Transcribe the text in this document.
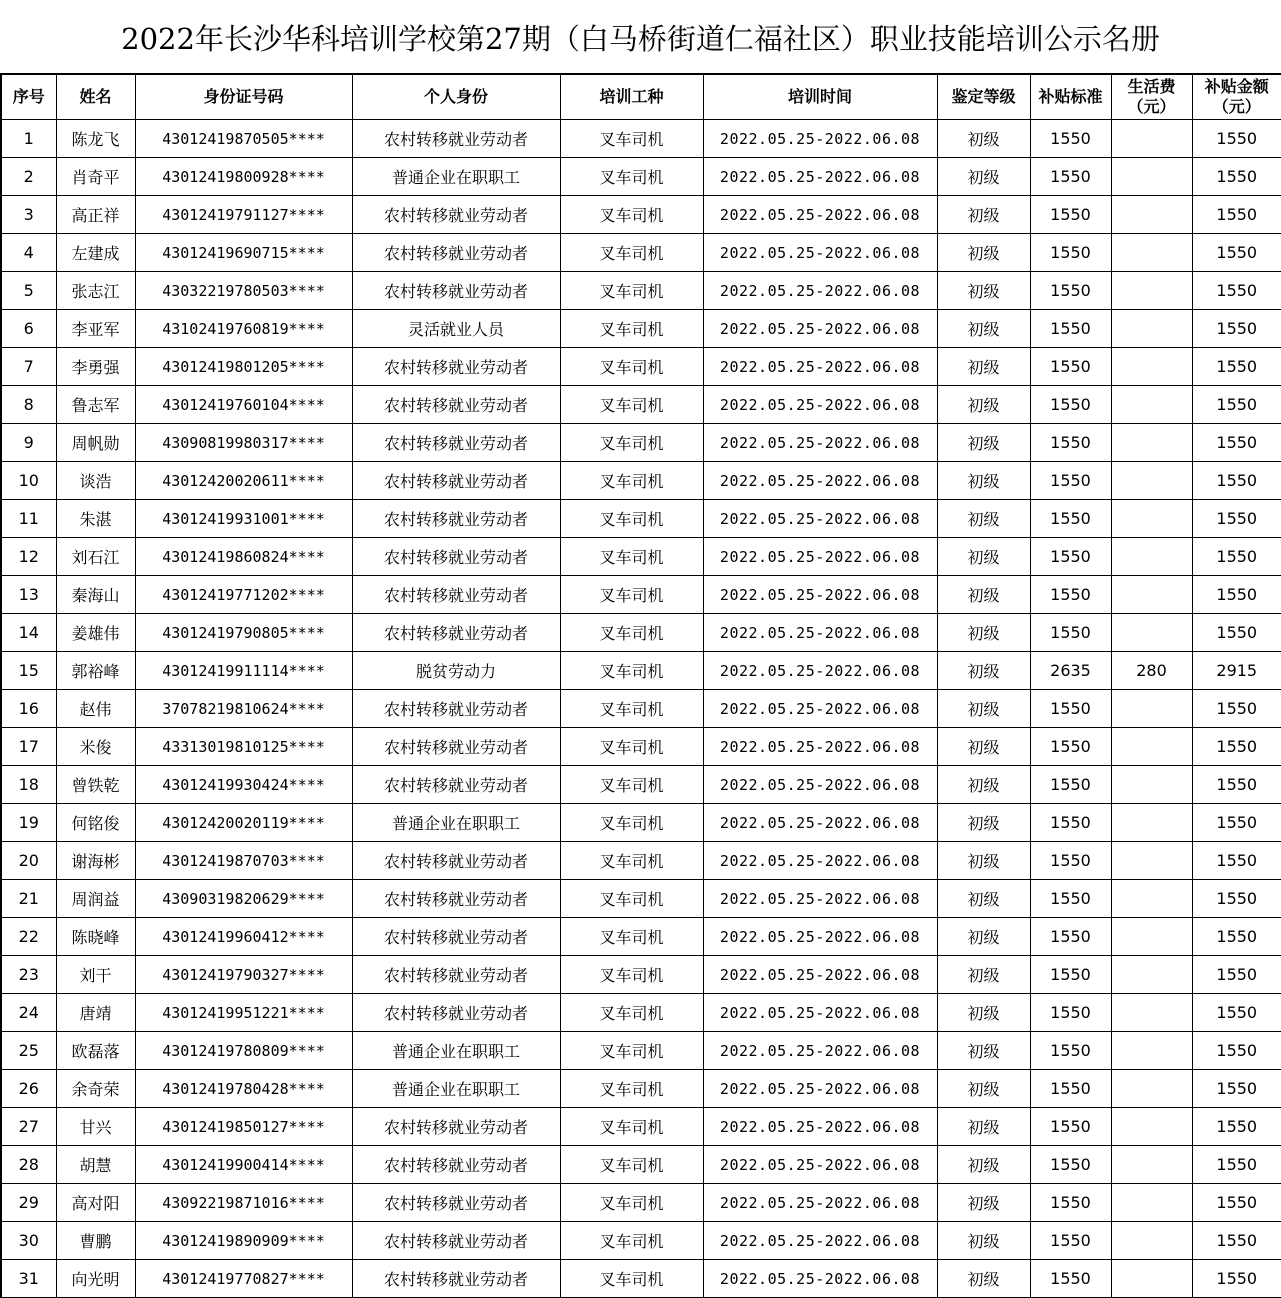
2022年长沙华科培训学校第27期（白马桥街道仁福社区）职业技能培训公示名册
序号	姓名	身份证号码	个人身份	培训工种	培训时间	鉴定等级	补贴标准	生活费（元）	补贴金额（元）
1	陈龙飞	43012419870505****	农村转移就业劳动者	叉车司机	2022.05.25-2022.06.08	初级	1550		1550
2	肖奇平	43012419800928****	普通企业在职职工	叉车司机	2022.05.25-2022.06.08	初级	1550		1550
3	高正祥	43012419791127****	农村转移就业劳动者	叉车司机	2022.05.25-2022.06.08	初级	1550		1550
4	左建成	43012419690715****	农村转移就业劳动者	叉车司机	2022.05.25-2022.06.08	初级	1550		1550
5	张志江	43032219780503****	农村转移就业劳动者	叉车司机	2022.05.25-2022.06.08	初级	1550		1550
6	李亚军	43102419760819****	灵活就业人员	叉车司机	2022.05.25-2022.06.08	初级	1550		1550
7	李勇强	43012419801205****	农村转移就业劳动者	叉车司机	2022.05.25-2022.06.08	初级	1550		1550
8	鲁志军	43012419760104****	农村转移就业劳动者	叉车司机	2022.05.25-2022.06.08	初级	1550		1550
9	周帆勋	43090819980317****	农村转移就业劳动者	叉车司机	2022.05.25-2022.06.08	初级	1550		1550
10	谈浩	43012420020611****	农村转移就业劳动者	叉车司机	2022.05.25-2022.06.08	初级	1550		1550
11	朱湛	43012419931001****	农村转移就业劳动者	叉车司机	2022.05.25-2022.06.08	初级	1550		1550
12	刘石江	43012419860824****	农村转移就业劳动者	叉车司机	2022.05.25-2022.06.08	初级	1550		1550
13	秦海山	43012419771202****	农村转移就业劳动者	叉车司机	2022.05.25-2022.06.08	初级	1550		1550
14	姜雄伟	43012419790805****	农村转移就业劳动者	叉车司机	2022.05.25-2022.06.08	初级	1550		1550
15	郭裕峰	43012419911114****	脱贫劳动力	叉车司机	2022.05.25-2022.06.08	初级	2635	280	2915
16	赵伟	37078219810624****	农村转移就业劳动者	叉车司机	2022.05.25-2022.06.08	初级	1550		1550
17	米俊	43313019810125****	农村转移就业劳动者	叉车司机	2022.05.25-2022.06.08	初级	1550		1550
18	曾铁乾	43012419930424****	农村转移就业劳动者	叉车司机	2022.05.25-2022.06.08	初级	1550		1550
19	何铭俊	43012420020119****	普通企业在职职工	叉车司机	2022.05.25-2022.06.08	初级	1550		1550
20	谢海彬	43012419870703****	农村转移就业劳动者	叉车司机	2022.05.25-2022.06.08	初级	1550		1550
21	周润益	43090319820629****	农村转移就业劳动者	叉车司机	2022.05.25-2022.06.08	初级	1550		1550
22	陈晓峰	43012419960412****	农村转移就业劳动者	叉车司机	2022.05.25-2022.06.08	初级	1550		1550
23	刘干	43012419790327****	农村转移就业劳动者	叉车司机	2022.05.25-2022.06.08	初级	1550		1550
24	唐靖	43012419951221****	农村转移就业劳动者	叉车司机	2022.05.25-2022.06.08	初级	1550		1550
25	欧磊落	43012419780809****	普通企业在职职工	叉车司机	2022.05.25-2022.06.08	初级	1550		1550
26	余奇荣	43012419780428****	普通企业在职职工	叉车司机	2022.05.25-2022.06.08	初级	1550		1550
27	甘兴	43012419850127****	农村转移就业劳动者	叉车司机	2022.05.25-2022.06.08	初级	1550		1550
28	胡慧	43012419900414****	农村转移就业劳动者	叉车司机	2022.05.25-2022.06.08	初级	1550		1550
29	高对阳	43092219871016****	农村转移就业劳动者	叉车司机	2022.05.25-2022.06.08	初级	1550		1550
30	曹鹏	43012419890909****	农村转移就业劳动者	叉车司机	2022.05.25-2022.06.08	初级	1550		1550
31	向光明	43012419770827****	农村转移就业劳动者	叉车司机	2022.05.25-2022.06.08	初级	1550		1550
